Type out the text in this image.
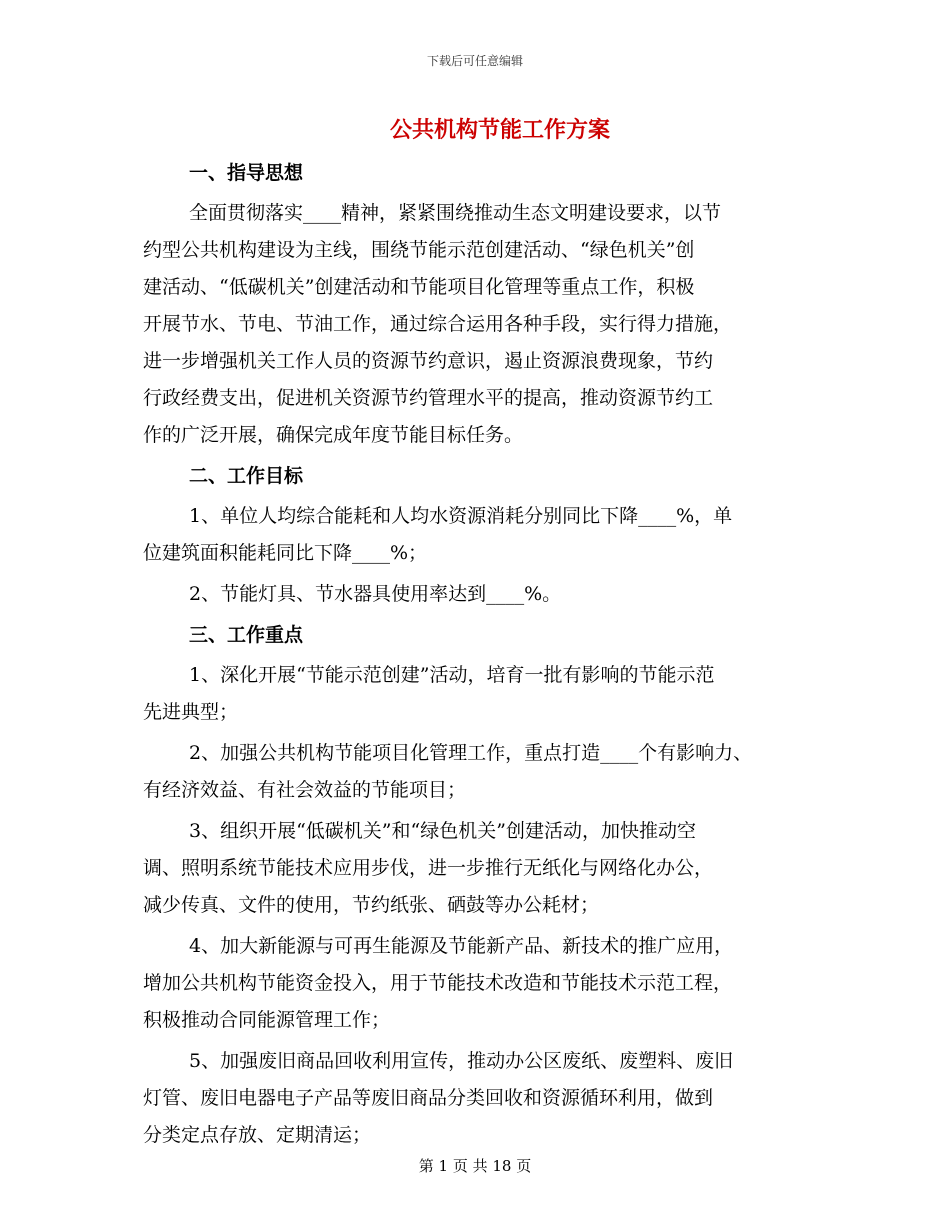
下载后可任意编辑
公共机构节能工作方案

一、指导思想

全面贯彻落实____精神，紧紧围绕推动生态文明建设要求，以节
约型公共机构建设为主线，围绕节能示范创建活动、“绿色机关”创
建活动、“低碳机关”创建活动和节能项目化管理等重点工作，积极
开展节水、节电、节油工作，通过综合运用各种手段，实行得力措施，
进一步增强机关工作人员的资源节约意识，遏止资源浪费现象，节约
行政经费支出，促进机关资源节约管理水平的提高，推动资源节约工
作的广泛开展，确保完成年度节能目标任务。

二、工作目标

1、单位人均综合能耗和人均水资源消耗分别同比下降____%，单
位建筑面积能耗同比下降____%；

2、节能灯具、节水器具使用率达到____%。

三、工作重点

1、深化开展“节能示范创建”活动，培育一批有影响的节能示范
先进典型；

2、加强公共机构节能项目化管理工作，重点打造____个有影响力、
有经济效益、有社会效益的节能项目；

3、组织开展“低碳机关”和“绿色机关”创建活动，加快推动空
调、照明系统节能技术应用步伐，进一步推行无纸化与网络化办公，
减少传真、文件的使用，节约纸张、硒鼓等办公耗材；

4、加大新能源与可再生能源及节能新产品、新技术的推广应用，
增加公共机构节能资金投入，用于节能技术改造和节能技术示范工程，
积极推动合同能源管理工作；

5、加强废旧商品回收利用宣传，推动办公区废纸、废塑料、废旧
灯管、废旧电器电子产品等废旧商品分类回收和资源循环利用，做到
分类定点存放、定期清运；

第 1 页 共 18 页
